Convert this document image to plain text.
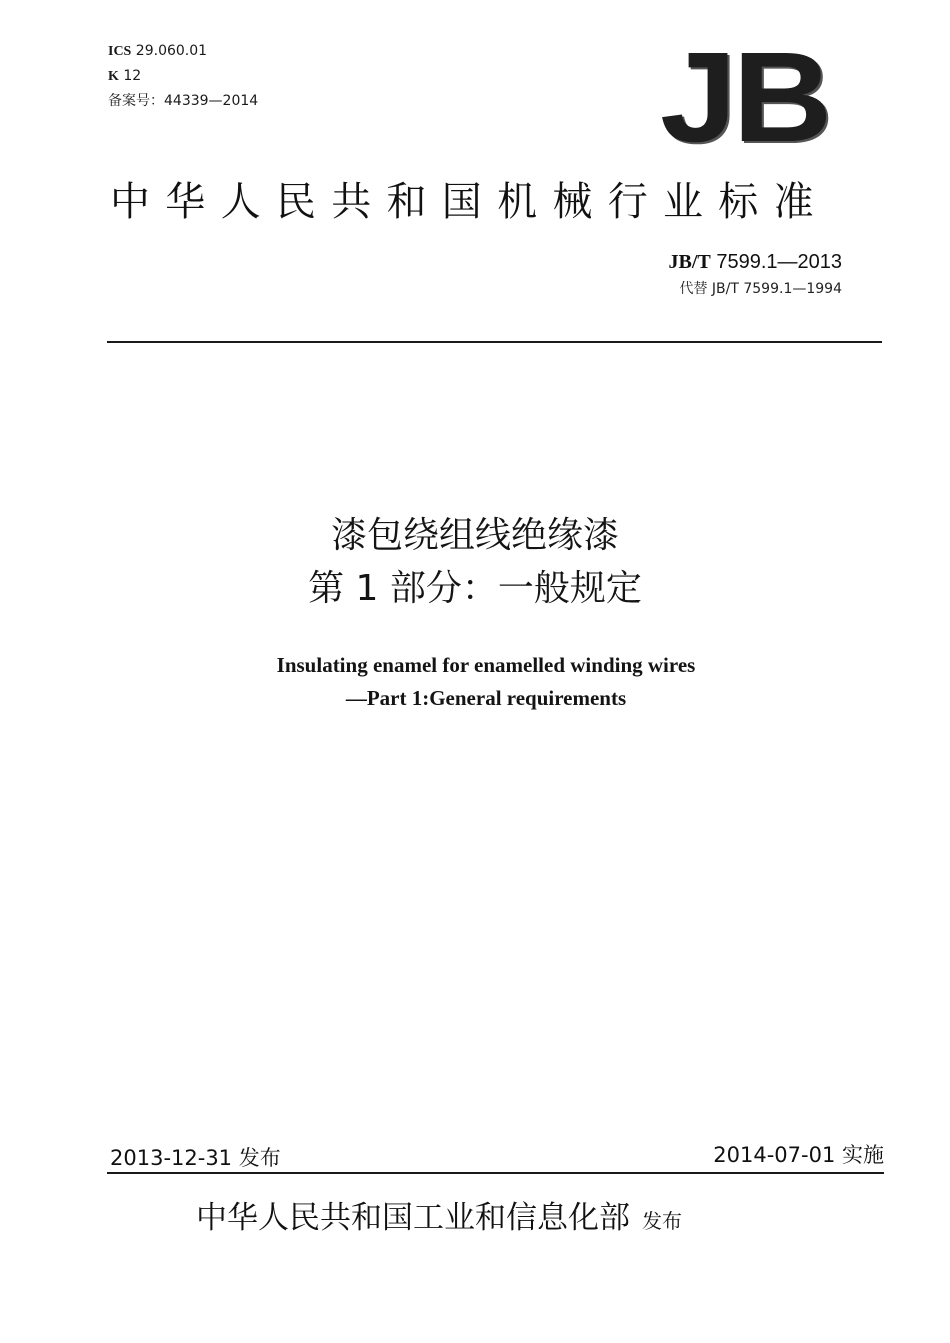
ICS 29.060.01
K 12
备案号：44339—2014	JB
中华人民共和国机械行业标准
JB/T 7599.1—2013
代替 JB/T 7599.1—1994
漆包绕组线绝缘漆
第 1 部分：一般规定
Insulating enamel for enamelled winding wires
—Part 1:General requirements
2013-12-31 发布	2014-07-01 实施
中华人民共和国工业和信息化部 发布
